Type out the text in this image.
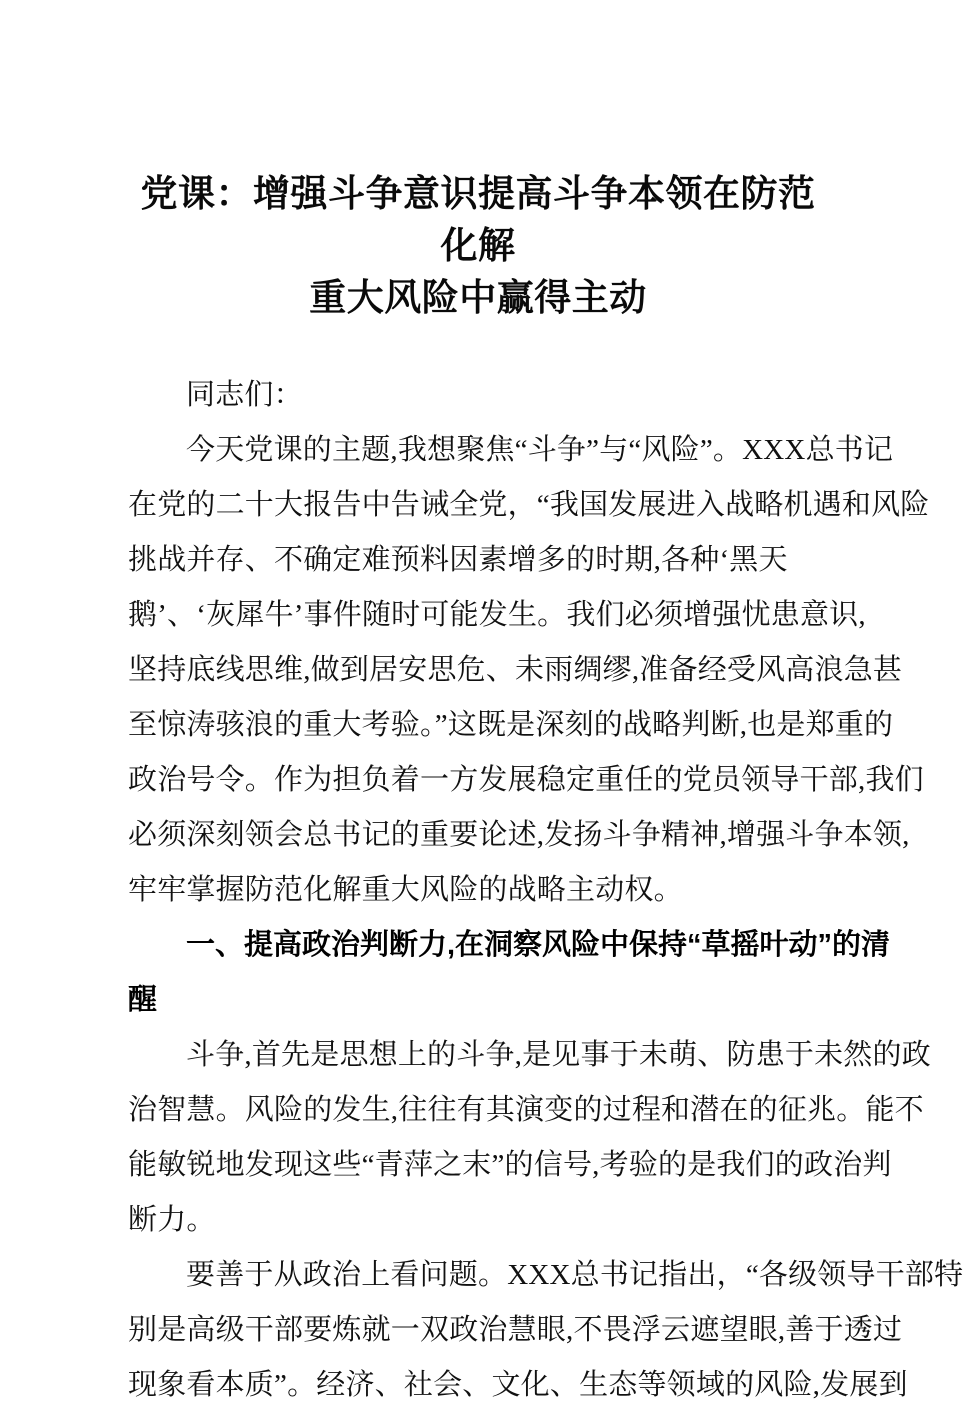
党课：增强斗争意识提高斗争本领在防范化解
重大风险中赢得主动

同志们：

今天党课的主题,我想聚焦“斗争”与“风险”。XXX总书记
在党的二十大报告中告诫全党，“我国发展进入战略机遇和风险
挑战并存、不确定难预料因素增多的时期,各种‘黑天
鹅’、‘灰犀牛’事件随时可能发生。我们必须增强忧患意识,
坚持底线思维,做到居安思危、未雨绸缪,准备经受风高浪急甚
至惊涛骇浪的重大考验。”这既是深刻的战略判断,也是郑重的
政治号令。作为担负着一方发展稳定重任的党员领导干部,我们
必须深刻领会总书记的重要论述,发扬斗争精神,增强斗争本领,
牢牢掌握防范化解重大风险的战略主动权。

一、提高政治判断力,在洞察风险中保持“草摇叶动”的清
醒

斗争,首先是思想上的斗争,是见事于未萌、防患于未然的政
治智慧。风险的发生,往往有其演变的过程和潜在的征兆。能不
能敏锐地发现这些“青萍之末”的信号,考验的是我们的政治判
断力。

要善于从政治上看问题。XXX总书记指出，“各级领导干部特
别是高级干部要炼就一双政治慧眼,不畏浮云遮望眼,善于透过
现象看本质”。经济、社会、文化、生态等领域的风险,发展到
